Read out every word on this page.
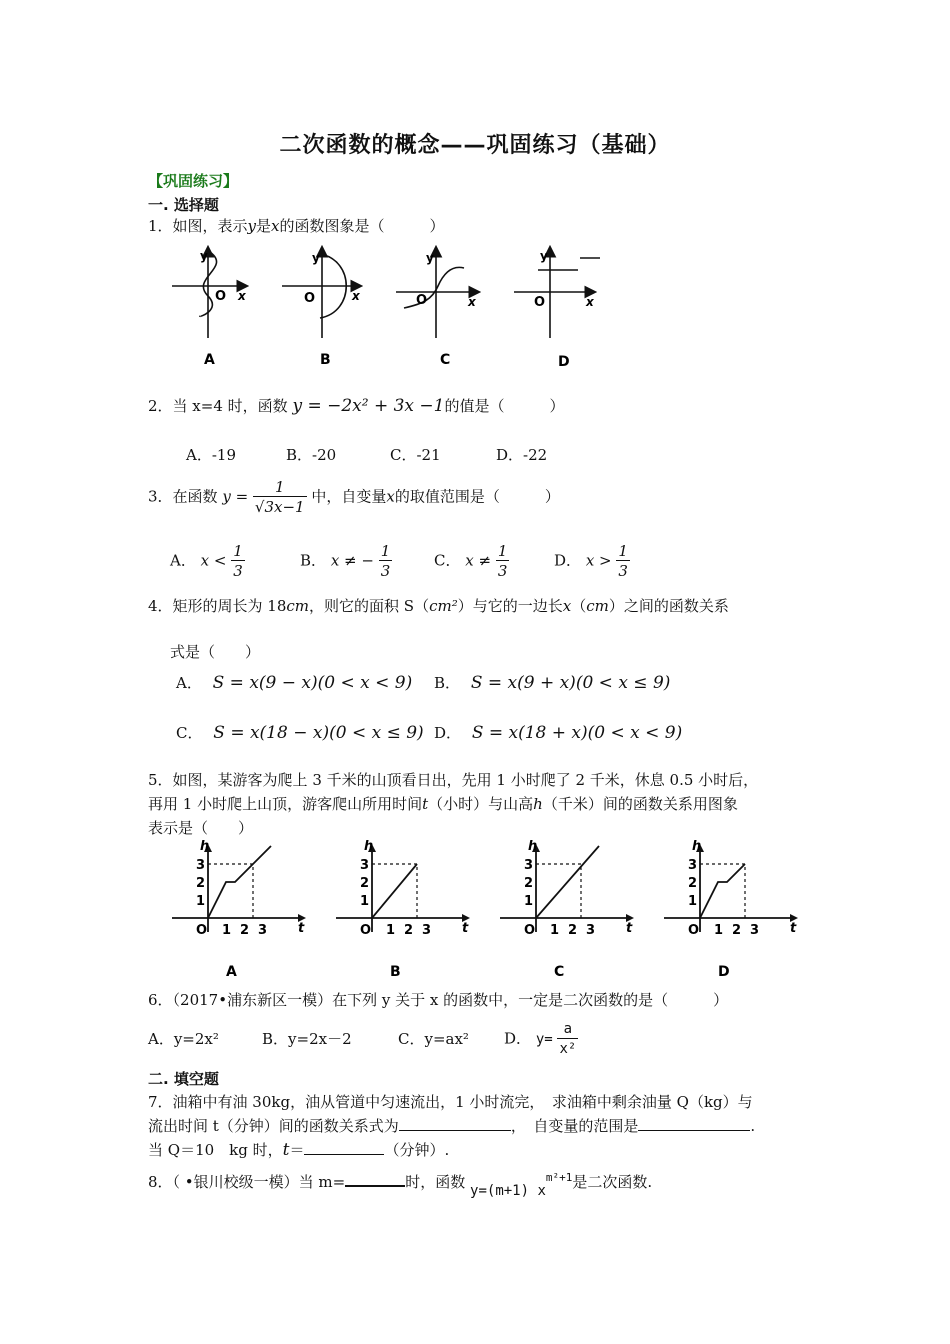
二次函数的概念——巩固练习（基础）
【巩固练习】
一. 选择题
1．如图，表示y是x的函数图象是（　　　）
y
O x
y
O	x
y
O	x
y
O	x
A	B	C	D
2．当 x=4 时，函数 y = −2x² + 3x −1的值是（　　　）
A．-19	B．-20	C．-21	D．-22
3．在函数 $y = \frac{1}{√3x-1}$ 中，自变量x的取值范围是（　　　）
A． $x < \frac{1}{3}$	B． x ≠ − $\frac{1}{3}$	C． $x \ne \frac{1}{3}$	D． $x > \frac{1}{3}$
4．矩形的周长为 18cm，则它的面积 S（cm²）与它的一边长x（cm）之间的函数关系
式是（　　）
A． S = x(9 − x)(0 < x < 9) B． S = x(9 + x)(0 < x ≤ 9)
C． S = x(18 − x)(0 < x ≤ 9) D． S = x(18 + x)(0 < x < 9)
5．如图，某游客为爬上 3 千米的山顶看日出，先用 1 小时爬了 2 千米，休息 0.5 小时后，
再用 1 小时爬上山顶，游客爬山所用时间t（小时）与山高h（千米）间的函数关系用图象
表示是（　　）
h
t
O 1 2 3
1
2
3
A
h
t
O 1 2 3
1
2
3
B
h
t
O 1 2 3
1
2
3
C
h
t
O 1 2 3
1
2
3
D
6．（2017•浦东新区一模）在下列 y 关于 x 的函数中，一定是二次函数的是（　　　）
A．y=2x²	B．y=2x－2	C．y=ax² D． $y= \frac{a}{\text{x²}}$
二. 填空题
7．油箱中有油 30kg，油从管道中匀速流出，1 小时流完，　求油箱中剩余油量 Q（kg）与
流出时间 t（分钟）间的函数关系式为	，　自变量的范围是	.
当 Q＝10　kg 时，t＝	（分钟）.
8．（ •银川校级一模）当 m=	时，函数 y=(m+1) $x^{m^2+1}$是二次函数.
